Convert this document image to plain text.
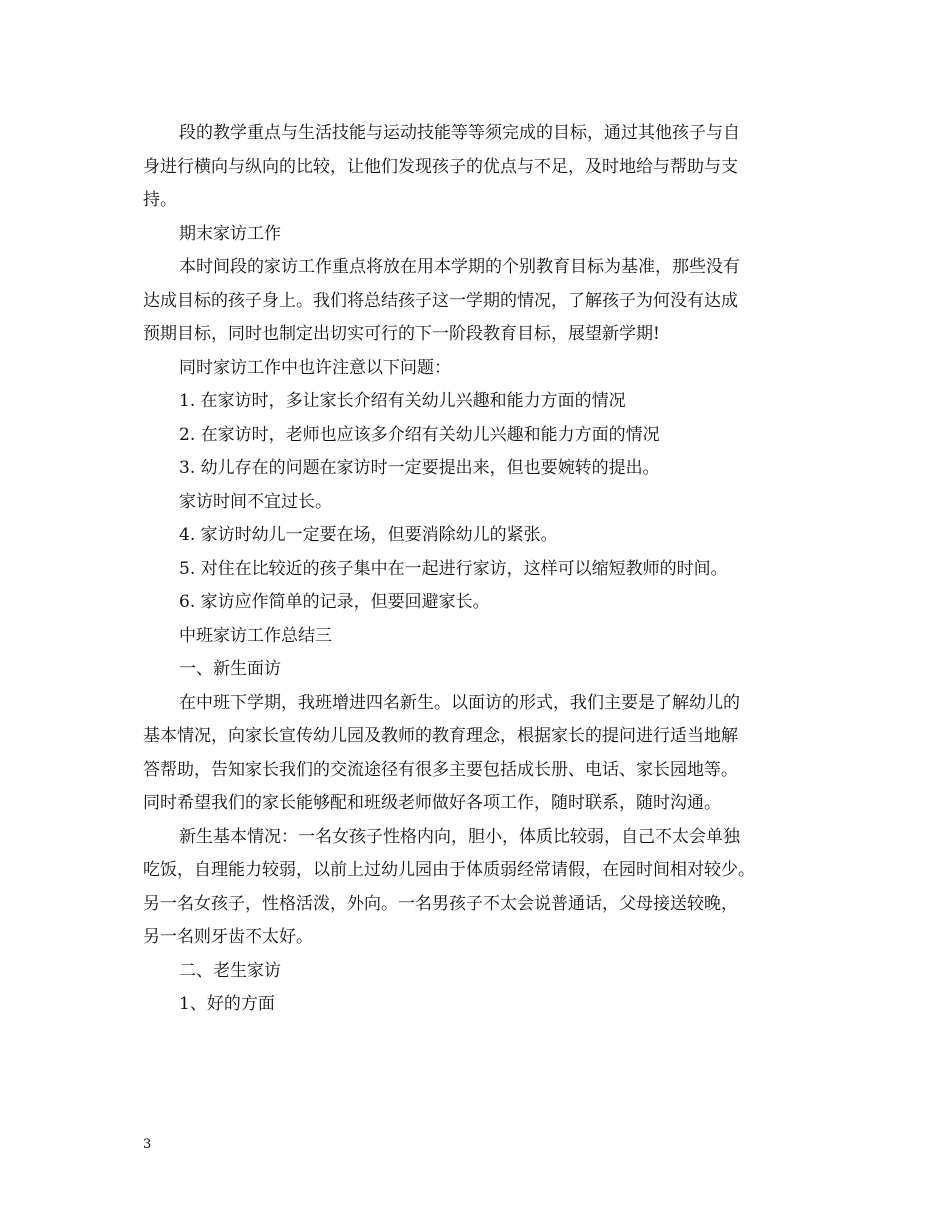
段的教学重点与生活技能与运动技能等等须完成的目标，通过其他孩子与自
身进行横向与纵向的比较，让他们发现孩子的优点与不足，及时地给与帮助与支
持。
期末家访工作
本时间段的家访工作重点将放在用本学期的个别教育目标为基准，那些没有
达成目标的孩子身上。我们将总结孩子这一学期的情况，了解孩子为何没有达成
预期目标，同时也制定出切实可行的下一阶段教育目标，展望新学期!
同时家访工作中也许注意以下问题：
1. 在家访时，多让家长介绍有关幼儿兴趣和能力方面的情况
2. 在家访时，老师也应该多介绍有关幼儿兴趣和能力方面的情况
3. 幼儿存在的问题在家访时一定要提出来，但也要婉转的提出。
家访时间不宜过长。
4. 家访时幼儿一定要在场，但要消除幼儿的紧张。
5. 对住在比较近的孩子集中在一起进行家访，这样可以缩短教师的时间。
6. 家访应作简单的记录，但要回避家长。
中班家访工作总结三
一、新生面访
在中班下学期，我班增进四名新生。以面访的形式，我们主要是了解幼儿的
基本情况，向家长宣传幼儿园及教师的教育理念，根据家长的提问进行适当地解
答帮助，告知家长我们的交流途径有很多主要包括成长册、电话、家长园地等。
同时希望我们的家长能够配和班级老师做好各项工作，随时联系，随时沟通。
新生基本情况：一名女孩子性格内向，胆小，体质比较弱，自己不太会单独
吃饭，自理能力较弱，以前上过幼儿园由于体质弱经常请假，在园时间相对较少。
另一名女孩子，性格活泼，外向。一名男孩子不太会说普通话，父母接送较晚，
另一名则牙齿不太好。
二、老生家访
1、好的方面
3
